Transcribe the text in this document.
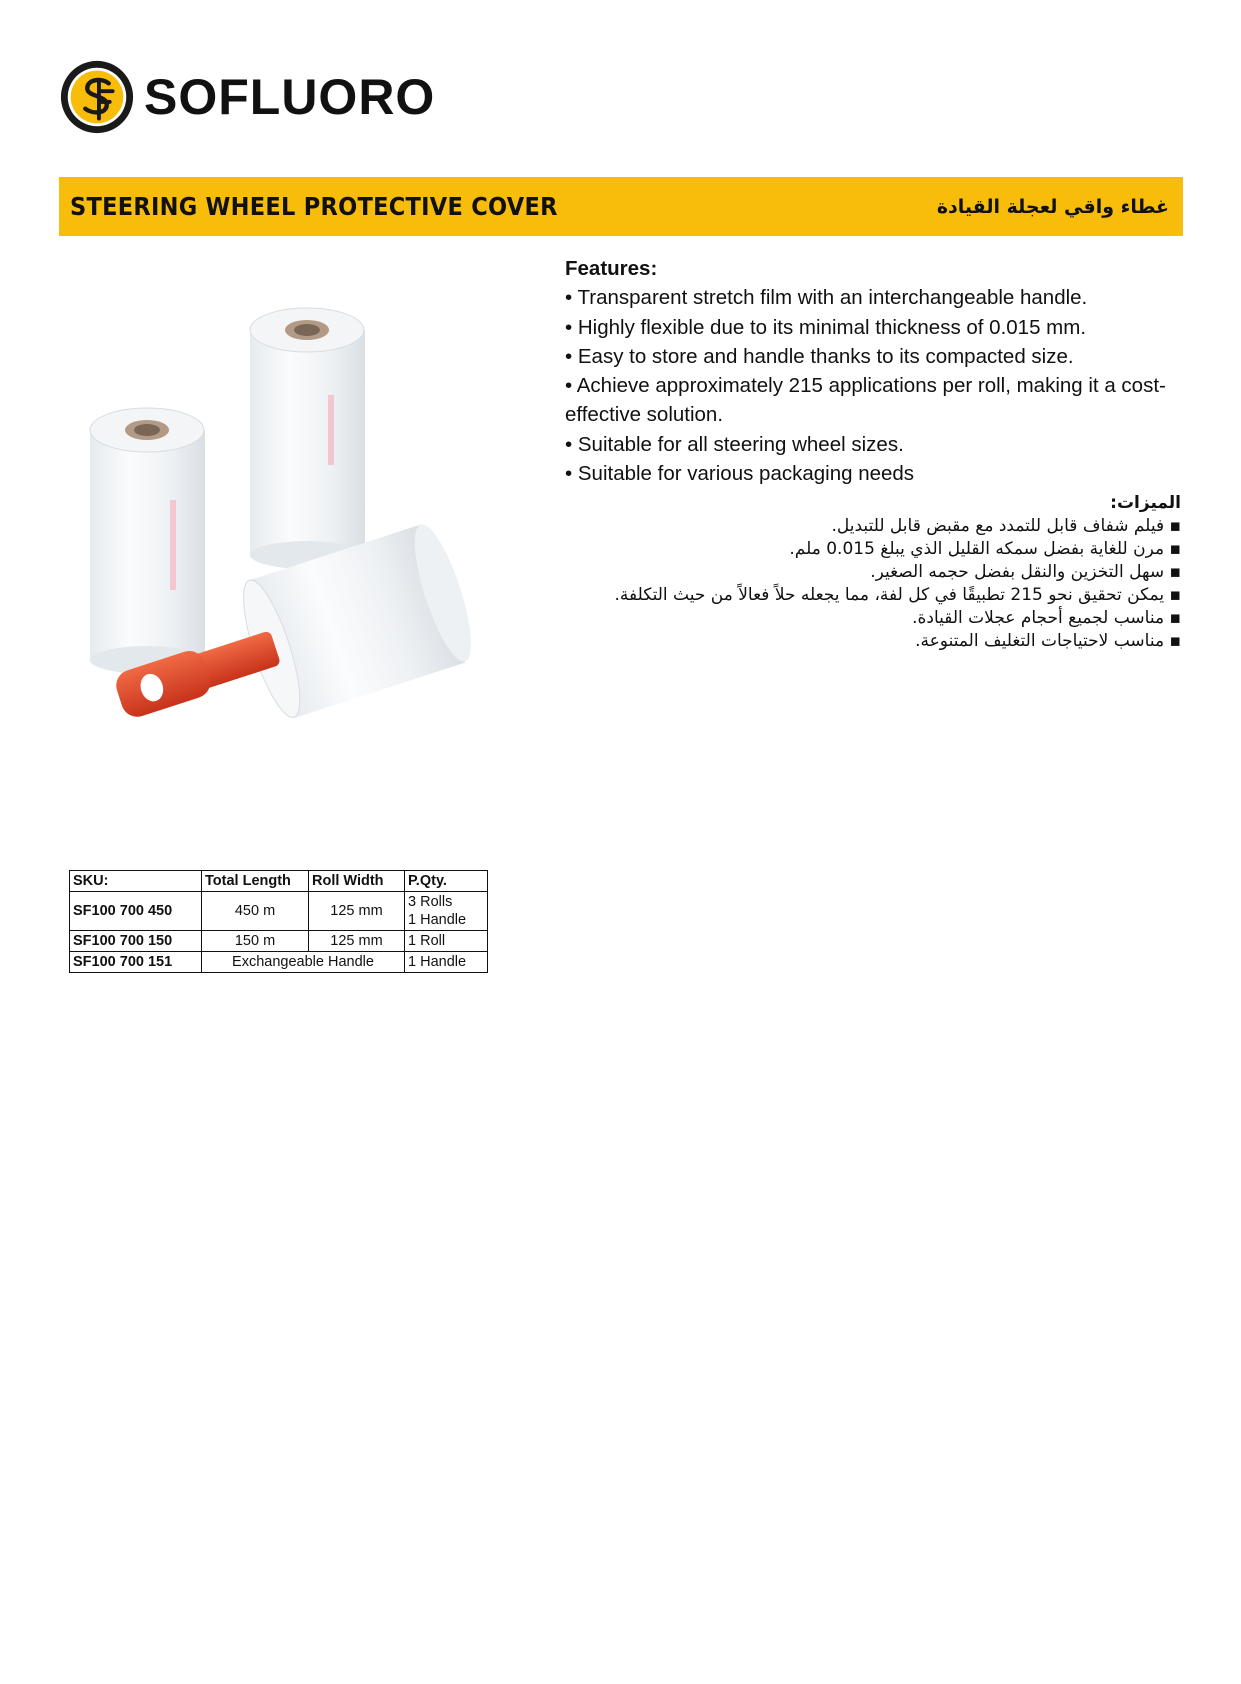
SOFLUORO
STEERING WHEEL PROTECTIVE COVER	غطاء واقي لعجلة القيادة
Features:
• Transparent stretch film with an interchangeable handle.
• Highly flexible due to its minimal thickness of 0.015 mm.
• Easy to store and handle thanks to its compacted size.
• Achieve approximately 215 applications per roll, making it a cost-effective solution.
• Suitable for all steering wheel sizes.
• Suitable for various packaging needs
الميزات:
▪ فيلم شفاف قابل للتمدد مع مقبض قابل للتبديل.
▪ مرن للغاية بفضل سمكه القليل الذي يبلغ 0.015 ملم.
▪ سهل التخزين والنقل بفضل حجمه الصغير.
▪ يمكن تحقيق نحو 215 تطبيقًا في كل لفة، مما يجعله حلاً فعالاً من حيث التكلفة.
▪ مناسب لجميع أحجام عجلات القيادة.
▪ مناسب لاحتياجات التغليف المتنوعة.
SKU:	Total Length	Roll Width	P.Qty.
SF100 700 450	450 m	125 mm	3 Rolls
1 Handle

SF100 700 150	150 m	125 mm	1 Roll
SF100 700 151	Exchangeable Handle		1 Handle
